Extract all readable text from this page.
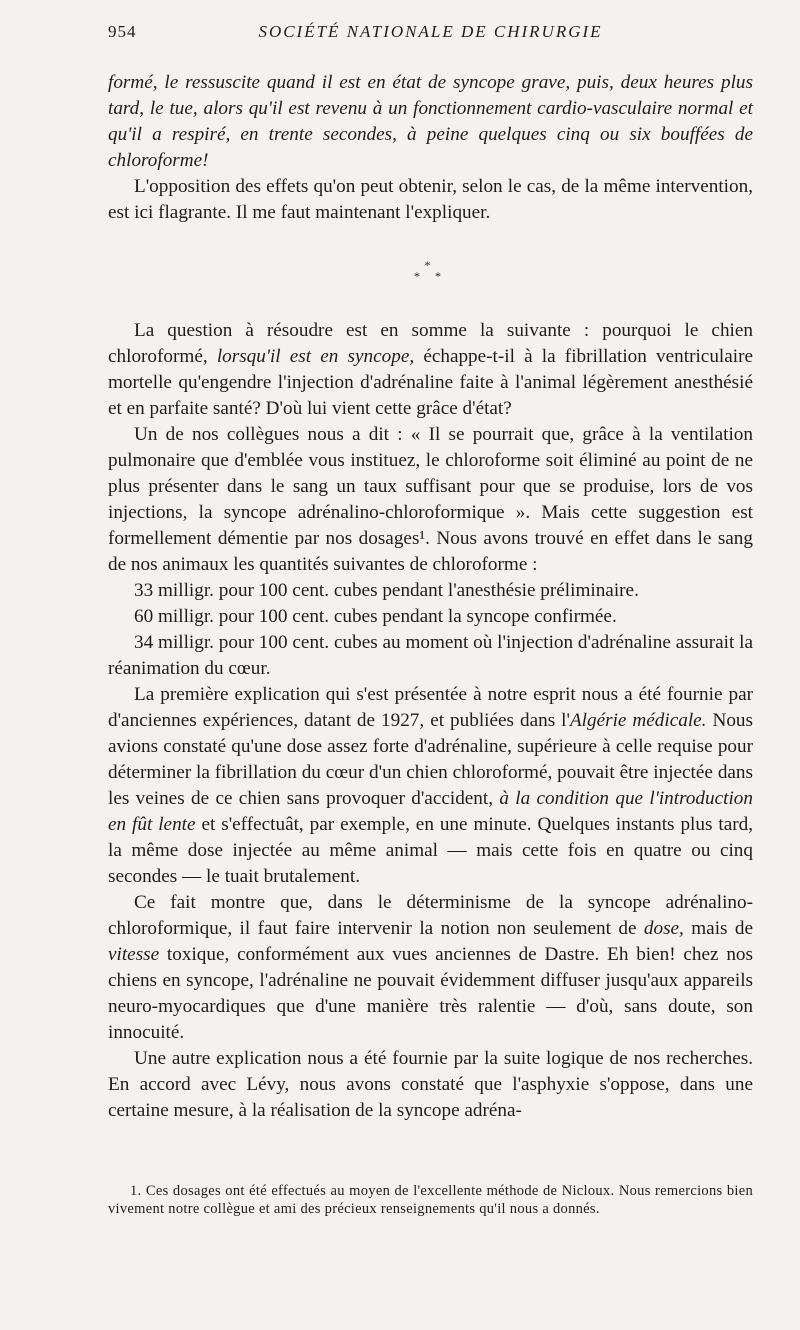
954	SOCIÉTÉ NATIONALE DE CHIRURGIE

formé, le ressuscite quand il est en état de syncope grave, puis, deux heures plus tard, le tue, alors qu'il est revenu à un fonctionnement cardio-vasculaire normal et qu'il a respiré, en trente secondes, à peine quelques cinq ou six bouffées de chloroforme!

L'opposition des effets qu'on peut obtenir, selon le cas, de la même intervention, est ici flagrante. Il me faut maintenant l'expliquer.

*
* *

La question à résoudre est en somme la suivante : pourquoi le chien chloroformé, lorsqu'il est en syncope, échappe-t-il à la fibrillation ventriculaire mortelle qu'engendre l'injection d'adrénaline faite à l'animal légèrement anesthésié et en parfaite santé? D'où lui vient cette grâce d'état?

Un de nos collègues nous a dit : « Il se pourrait que, grâce à la ventilation pulmonaire que d'emblée vous instituez, le chloroforme soit éliminé au point de ne plus présenter dans le sang un taux suffisant pour que se produise, lors de vos injections, la syncope adrénalino-chloroformique ». Mais cette suggestion est formellement démentie par nos dosages¹. Nous avons trouvé en effet dans le sang de nos animaux les quantités suivantes de chloroforme :

33 milligr. pour 100 cent. cubes pendant l'anesthésie préliminaire.

60 milligr. pour 100 cent. cubes pendant la syncope confirmée.

34 milligr. pour 100 cent. cubes au moment où l'injection d'adrénaline assurait la réanimation du cœur.

La première explication qui s'est présentée à notre esprit nous a été fournie par d'anciennes expériences, datant de 1927, et publiées dans l'Algérie médicale. Nous avions constaté qu'une dose assez forte d'adrénaline, supérieure à celle requise pour déterminer la fibrillation du cœur d'un chien chloroformé, pouvait être injectée dans les veines de ce chien sans provoquer d'accident, à la condition que l'introduction en fût lente et s'effectuât, par exemple, en une minute. Quelques instants plus tard, la même dose injectée au même animal — mais cette fois en quatre ou cinq secondes — le tuait brutalement.

Ce fait montre que, dans le déterminisme de la syncope adrénalino-chloroformique, il faut faire intervenir la notion non seulement de dose, mais de vitesse toxique, conformément aux vues anciennes de Dastre. Eh bien! chez nos chiens en syncope, l'adrénaline ne pouvait évidemment diffuser jusqu'aux appareils neuro-myocardiques que d'une manière très ralentie — d'où, sans doute, son innocuité.

Une autre explication nous a été fournie par la suite logique de nos recherches. En accord avec Lévy, nous avons constaté que l'asphyxie s'oppose, dans une certaine mesure, à la réalisation de la syncope adréna-

1. Ces dosages ont été effectués au moyen de l'excellente méthode de Nicloux. Nous remercions bien vivement notre collègue et ami des précieux renseignements qu'il nous a donnés.
